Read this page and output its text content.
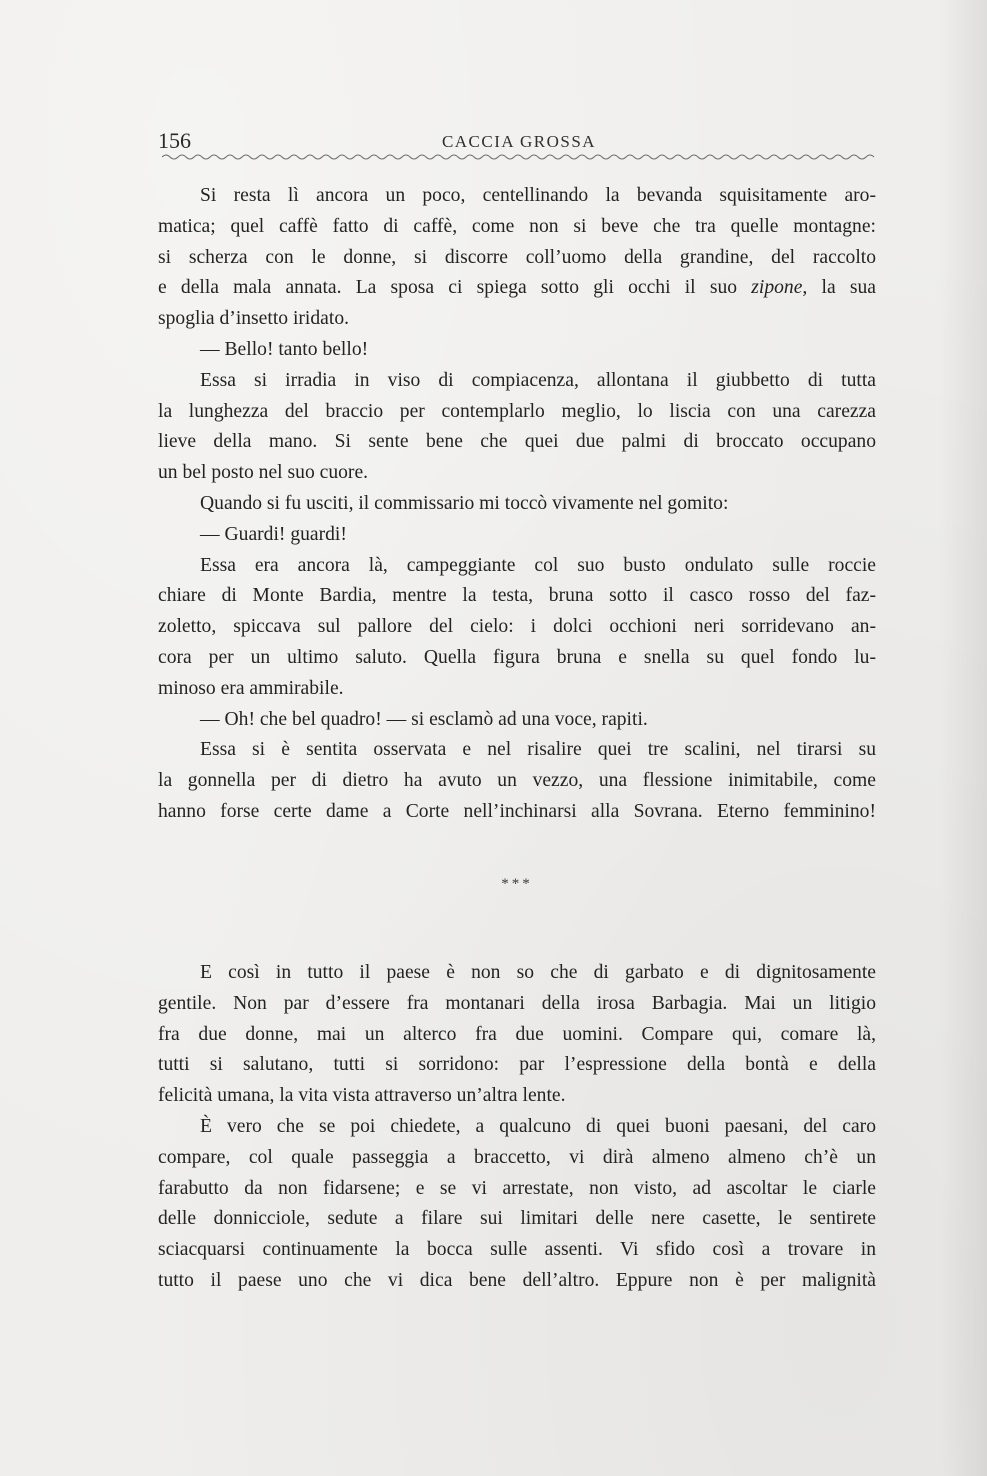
156	CACCIA GROSSA
Si resta lì ancora un poco, centellinando la bevanda squisitamente aro-
matica; quel caffè fatto di caffè, come non si beve che tra quelle montagne:
si scherza con le donne, si discorre coll’uomo della grandine, del raccolto
e della mala annata. La sposa ci spiega sotto gli occhi il suo zipone, la sua
spoglia d’insetto iridato.
— Bello! tanto bello!
Essa si irradia in viso di compiacenza, allontana il giubbetto di tutta
la lunghezza del braccio per contemplarlo meglio, lo liscia con una carezza
lieve della mano. Si sente bene che quei due palmi di broccato occupano
un bel posto nel suo cuore.
Quando si fu usciti, il commissario mi toccò vivamente nel gomito:
— Guardi! guardi!
Essa era ancora là, campeggiante col suo busto ondulato sulle roccie
chiare di Monte Bardia, mentre la testa, bruna sotto il casco rosso del faz-
zoletto, spiccava sul pallore del cielo: i dolci occhioni neri sorridevano an-
cora per un ultimo saluto. Quella figura bruna e snella su quel fondo lu-
minoso era ammirabile.
— Oh! che bel quadro! — si esclamò ad una voce, rapiti.
Essa si è sentita osservata e nel risalire quei tre scalini, nel tirarsi su
la gonnella per di dietro ha avuto un vezzo, una flessione inimitabile, come
hanno forse certe dame a Corte nell’inchinarsi alla Sovrana. Eterno femminino!
***
E così in tutto il paese è non so che di garbato e di dignitosamente
gentile. Non par d’essere fra montanari della irosa Barbagia. Mai un litigio
fra due donne, mai un alterco fra due uomini. Compare qui, comare là,
tutti si salutano, tutti si sorridono: par l’espressione della bontà e della
felicità umana, la vita vista attraverso un’altra lente.
È vero che se poi chiedete, a qualcuno di quei buoni paesani, del caro
compare, col quale passeggia a braccetto, vi dirà almeno almeno ch’è un
farabutto da non fidarsene; e se vi arrestate, non visto, ad ascoltar le ciarle
delle donnicciole, sedute a filare sui limitari delle nere casette, le sentirete
sciacquarsi continuamente la bocca sulle assenti. Vi sfido così a trovare in
tutto il paese uno che vi dica bene dell’altro. Eppure non è per malignità
